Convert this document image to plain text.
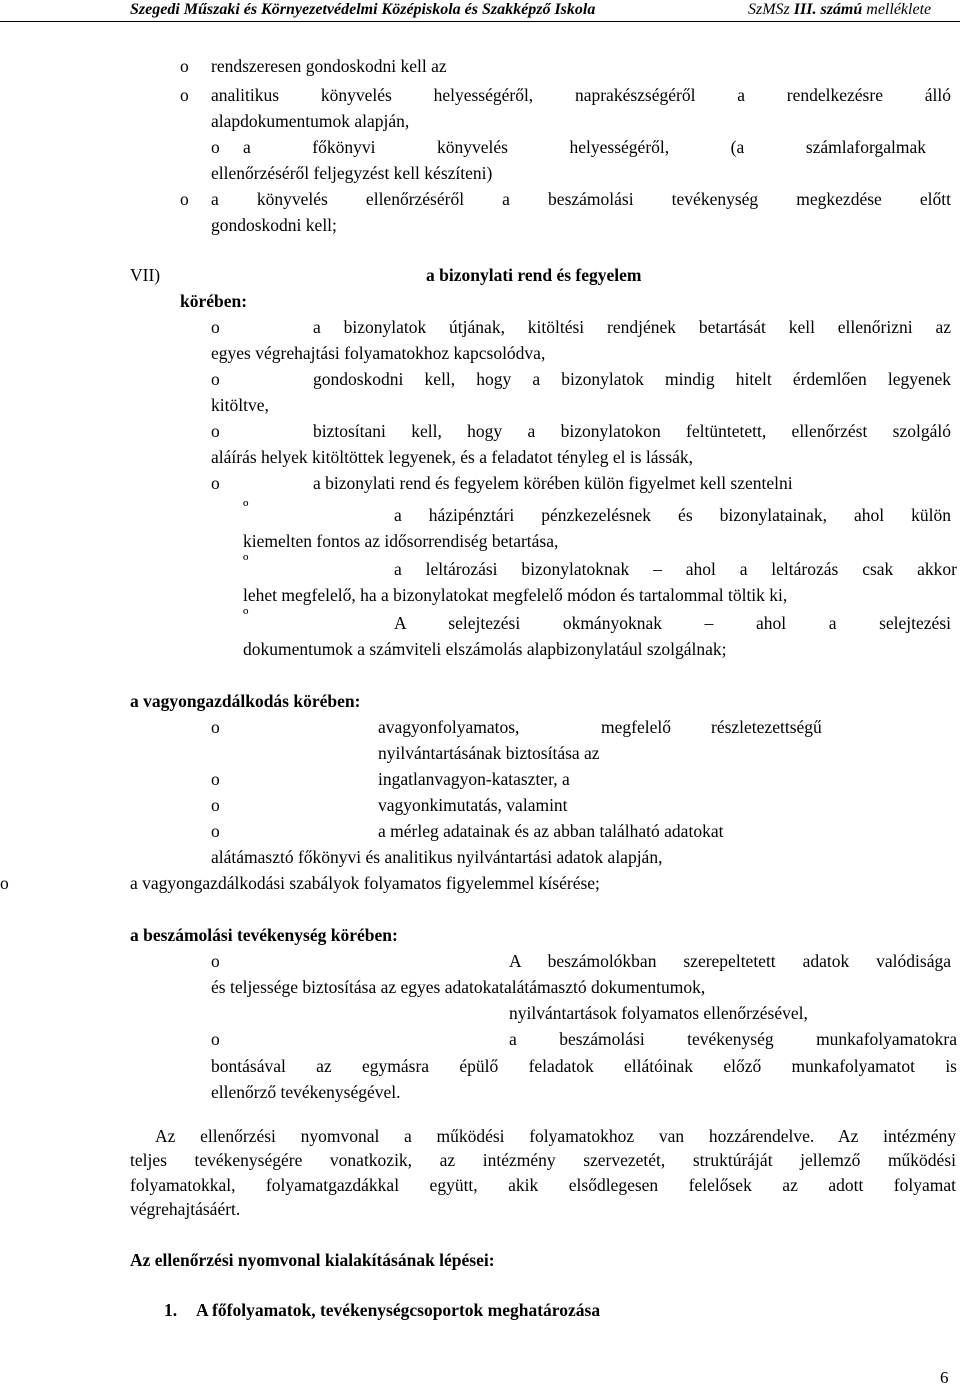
Szegedi Műszaki és Környezetvédelmi Középiskola és Szakképző Iskola	SzMSz III. számú melléklete
o rendszeresen gondoskodni kell az
o analitikus könyvelés helyességéről, naprakészségéről a rendelkezésre álló
alapdokumentumok alapján,
o a főkönyvi könyvelés helyességéről, (a számlaforgalmak
ellenőrzéséről feljegyzést kell készíteni)
o a könyvelés ellenőrzéséről a beszámolási tevékenység megkezdése előtt
gondoskodni kell;
VII)	a bizonylati rend és fegyelem
körében:
o	a bizonylatok útjának, kitöltési rendjének betartását kell ellenőrizni az
egyes végrehajtási folyamatokhoz kapcsolódva,
o	gondoskodni kell, hogy a bizonylatok mindig hitelt érdemlően legyenek
kitöltve,
o	biztosítani kell, hogy a bizonylatokon feltüntetett, ellenőrzést szolgáló
aláírás helyek kitöltöttek legyenek, és a feladatot tényleg el is lássák,
o	a bizonylati rend és fegyelem körében külön figyelmet kell szentelni
º	a házipénztári pénzkezelésnek és bizonylatainak, ahol külön
kiemelten fontos az idősorrendiség betartása,
º	a leltározási bizonylatoknak – ahol a leltározás csak akkor
lehet megfelelő, ha a bizonylatokat megfelelő módon és tartalommal töltik ki,
º	A selejtezési okmányoknak – ahol a selejtezési
dokumentumok a számviteli elszámolás alapbizonylatául szolgálnak;
a vagyongazdálkodás körében:
o	avagyonfolyamatos, megfelelő részletezettségű
nyilvántartásának biztosítása az
o	ingatlanvagyon-kataszter, a
o	vagyonkimutatás, valamint
o	a mérleg adatainak és az abban található adatokat
alátámasztó főkönyvi és analitikus nyilvántartási adatok alapján,
o	a vagyongazdálkodási szabályok folyamatos figyelemmel kísérése;
a beszámolási tevékenység körében:
o	A beszámolókban szerepeltetett adatok valódisága
és teljessége biztosítása az egyes adatokatalátámasztó dokumentumok,
nyilvántartások folyamatos ellenőrzésével,
o	a beszámolási tevékenység munkafolyamatokra
bontásával az egymásra épülő feladatok ellátóinak előző munkafolyamatot is
ellenőrző tevékenységével.
Az ellenőrzési nyomvonal a működési folyamatokhoz van hozzárendelve. Az intézmény
teljes tevékenységére vonatkozik, az intézmény szervezetét, struktúráját jellemző működési
folyamatokkal, folyamatgazdákkal együtt, akik elsődlegesen felelősek az adott folyamat
végrehajtásáért.
Az ellenőrzési nyomvonal kialakításának lépései:
1. A főfolyamatok, tevékenységcsoportok meghatározása
6
